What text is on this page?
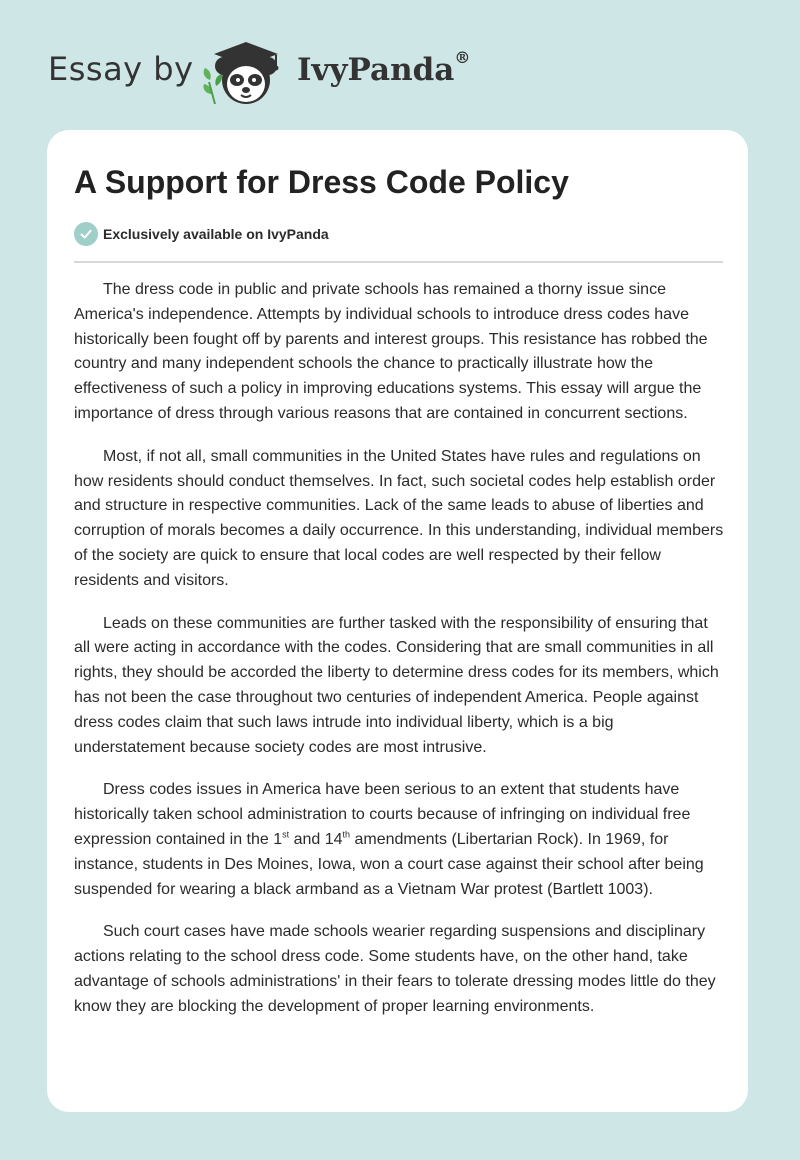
Essay by	IvyPanda®
A Support for Dress Code Policy
Exclusively available on IvyPanda

The dress code in public and private schools has remained a thorny issue since America's independence. Attempts by individual schools to introduce dress codes have historically been fought off by parents and interest groups. This resistance has robbed the country and many independent schools the chance to practically illustrate how the effectiveness of such a policy in improving educations systems. This essay will argue the importance of dress through various reasons that are contained in concurrent sections.

Most, if not all, small communities in the United States have rules and regulations on how residents should conduct themselves. In fact, such societal codes help establish order and structure in respective communities. Lack of the same leads to abuse of liberties and corruption of morals becomes a daily occurrence. In this understanding, individual members of the society are quick to ensure that local codes are well respected by their fellow residents and visitors.

Leads on these communities are further tasked with the responsibility of ensuring that all were acting in accordance with the codes. Considering that are small communities in all rights, they should be accorded the liberty to determine dress codes for its members, which has not been the case throughout two centuries of independent America. People against dress codes claim that such laws intrude into individual liberty, which is a big understatement because society codes are most intrusive.

Dress codes issues in America have been serious to an extent that students have historically taken school administration to courts because of infringing on individual free expression contained in the 1st and 14th amendments (Libertarian Rock). In 1969, for instance, students in Des Moines, Iowa, won a court case against their school after being suspended for wearing a black armband as a Vietnam War protest (Bartlett 1003).

Such court cases have made schools wearier regarding suspensions and disciplinary actions relating to the school dress code. Some students have, on the other hand, take advantage of schools administrations' in their fears to tolerate dressing modes little do they know they are blocking the development of proper learning environments.
